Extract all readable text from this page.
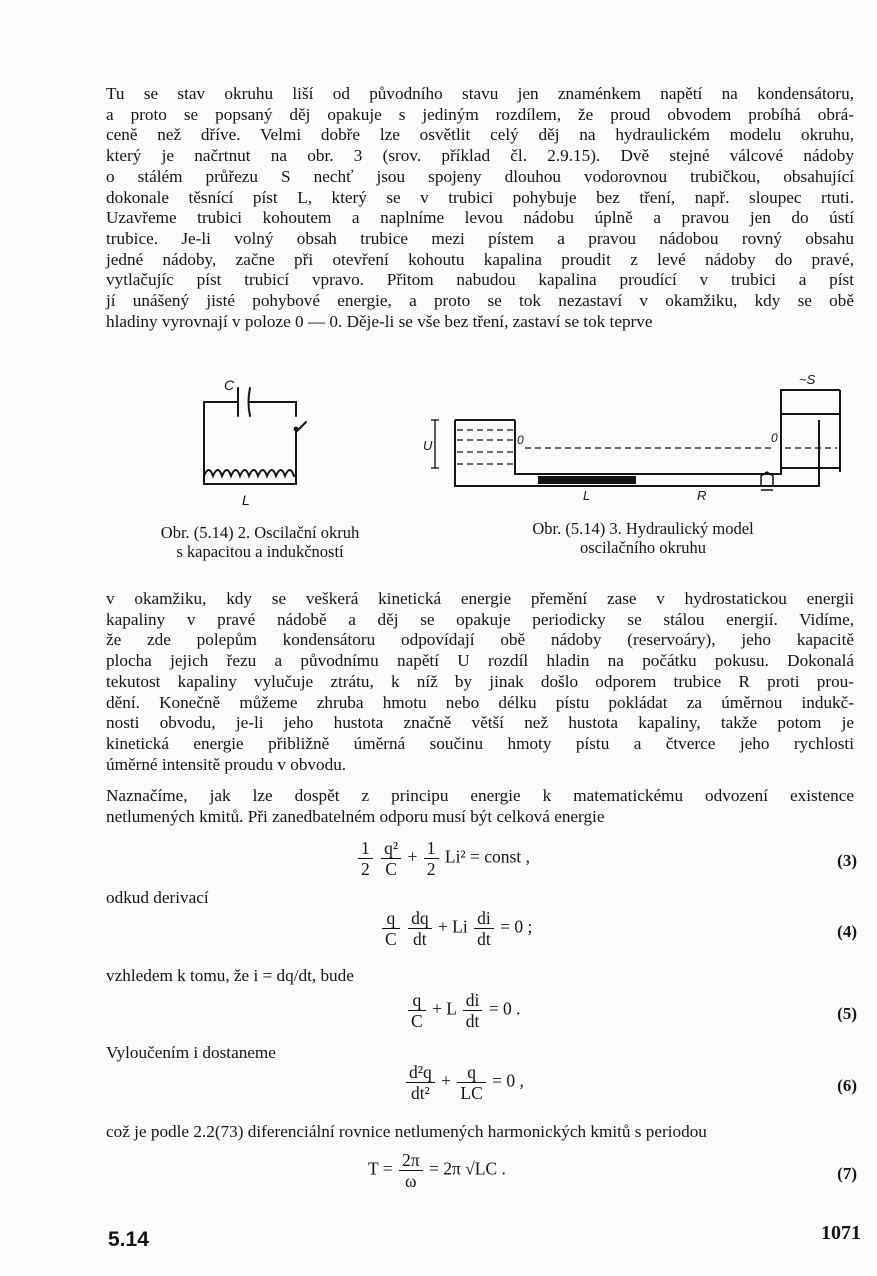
Tu se stav okruhu liší od původního stavu jen znaménkem napětí na kondensátoru,
a proto se popsaný děj opakuje s jediným rozdílem, že proud obvodem probíhá obrá-
ceně než dříve. Velmi dobře lze osvětlit celý děj na hydraulickém modelu okruhu,
který je načrtnut na obr. 3 (srov. příklad čl. 2.9.15). Dvě stejné válcové nádoby
o stálém průřezu S nechť jsou spojeny dlouhou vodorovnou trubičkou, obsahující
dokonale těsnící píst L, který se v trubici pohybuje bez tření, např. sloupec rtuti.
Uzavřeme trubici kohoutem a naplníme levou nádobu úplně a pravou jen do ústí
trubice. Je-li volný obsah trubice mezi pístem a pravou nádobou rovný obsahu
jedné nádoby, začne při otevření kohoutu kapalina proudit z levé nádoby do pravé,
vytlačujíc píst trubicí vpravo. Přitom nabudou kapalina proudící v trubici a píst
jí unášený jisté pohybové energie, a proto se tok nezastaví v okamžiku, kdy se obě
hladiny vyrovnají v poloze 0 — 0. Děje-li se vše bez tření, zastaví se tok teprve

C
L
U
~S
0	0
L	R
Obr. (5.14) 2. Oscilační okruh
s kapacitou a indukčností
Obr. (5.14) 3. Hydraulický model
oscilačního okruhu

v okamžiku, kdy se veškerá kinetická energie přemění zase v hydrostatickou energii
kapaliny v pravé nádobě a děj se opakuje periodicky se stálou energií. Vidíme,
že zde polepům kondensátoru odpovídají obě nádoby (reservoáry), jeho kapacitě
plocha jejich řezu a původnímu napětí U rozdíl hladin na počátku pokusu. Dokonalá
tekutost kapaliny vylučuje ztrátu, k níž by jinak došlo odporem trubice R proti prou-
dění. Konečně můžeme zhruba hmotu nebo délku pístu pokládat za úměrnou indukč-
nosti obvodu, je-li jeho hustota značně větší než hustota kapaliny, takže potom je
kinetická energie přibližně úměrná součinu hmoty pístu a čtverce jeho rychlosti
úměrné intensitě proudu v obvodu.

Naznačíme, jak lze dospět z principu energie k matematickému odvození existence
netlumených kmitů. Při zanedbatelném odporu musí být celková energie

$\frac{1}{2}$
$\frac{\text{q²}}{C} + \frac{1}{2} Li^2$ = const ,	(3)
odkud derivací
$\frac{q}{C}$
$\frac{dq}{dt} + Li \frac{di}{dt} = 0$ ;	(4)
vzhledem k tomu, že i = dq/dt, bude
$\frac{q}{C} + L \frac{di}{dt} = 0$ .	(5)
Vyloučením i dostaneme
$\frac{\text{d²q}}{\text{dt²}} + \frac{q}{LC} = 0$ ,	(6)
což je podle 2.2(73) diferenciální rovnice netlumených harmonických kmitů s periodou
$T = \frac{2\pi}{\omega} = 2\pi$ √LC .	(7)
5.14	1071
